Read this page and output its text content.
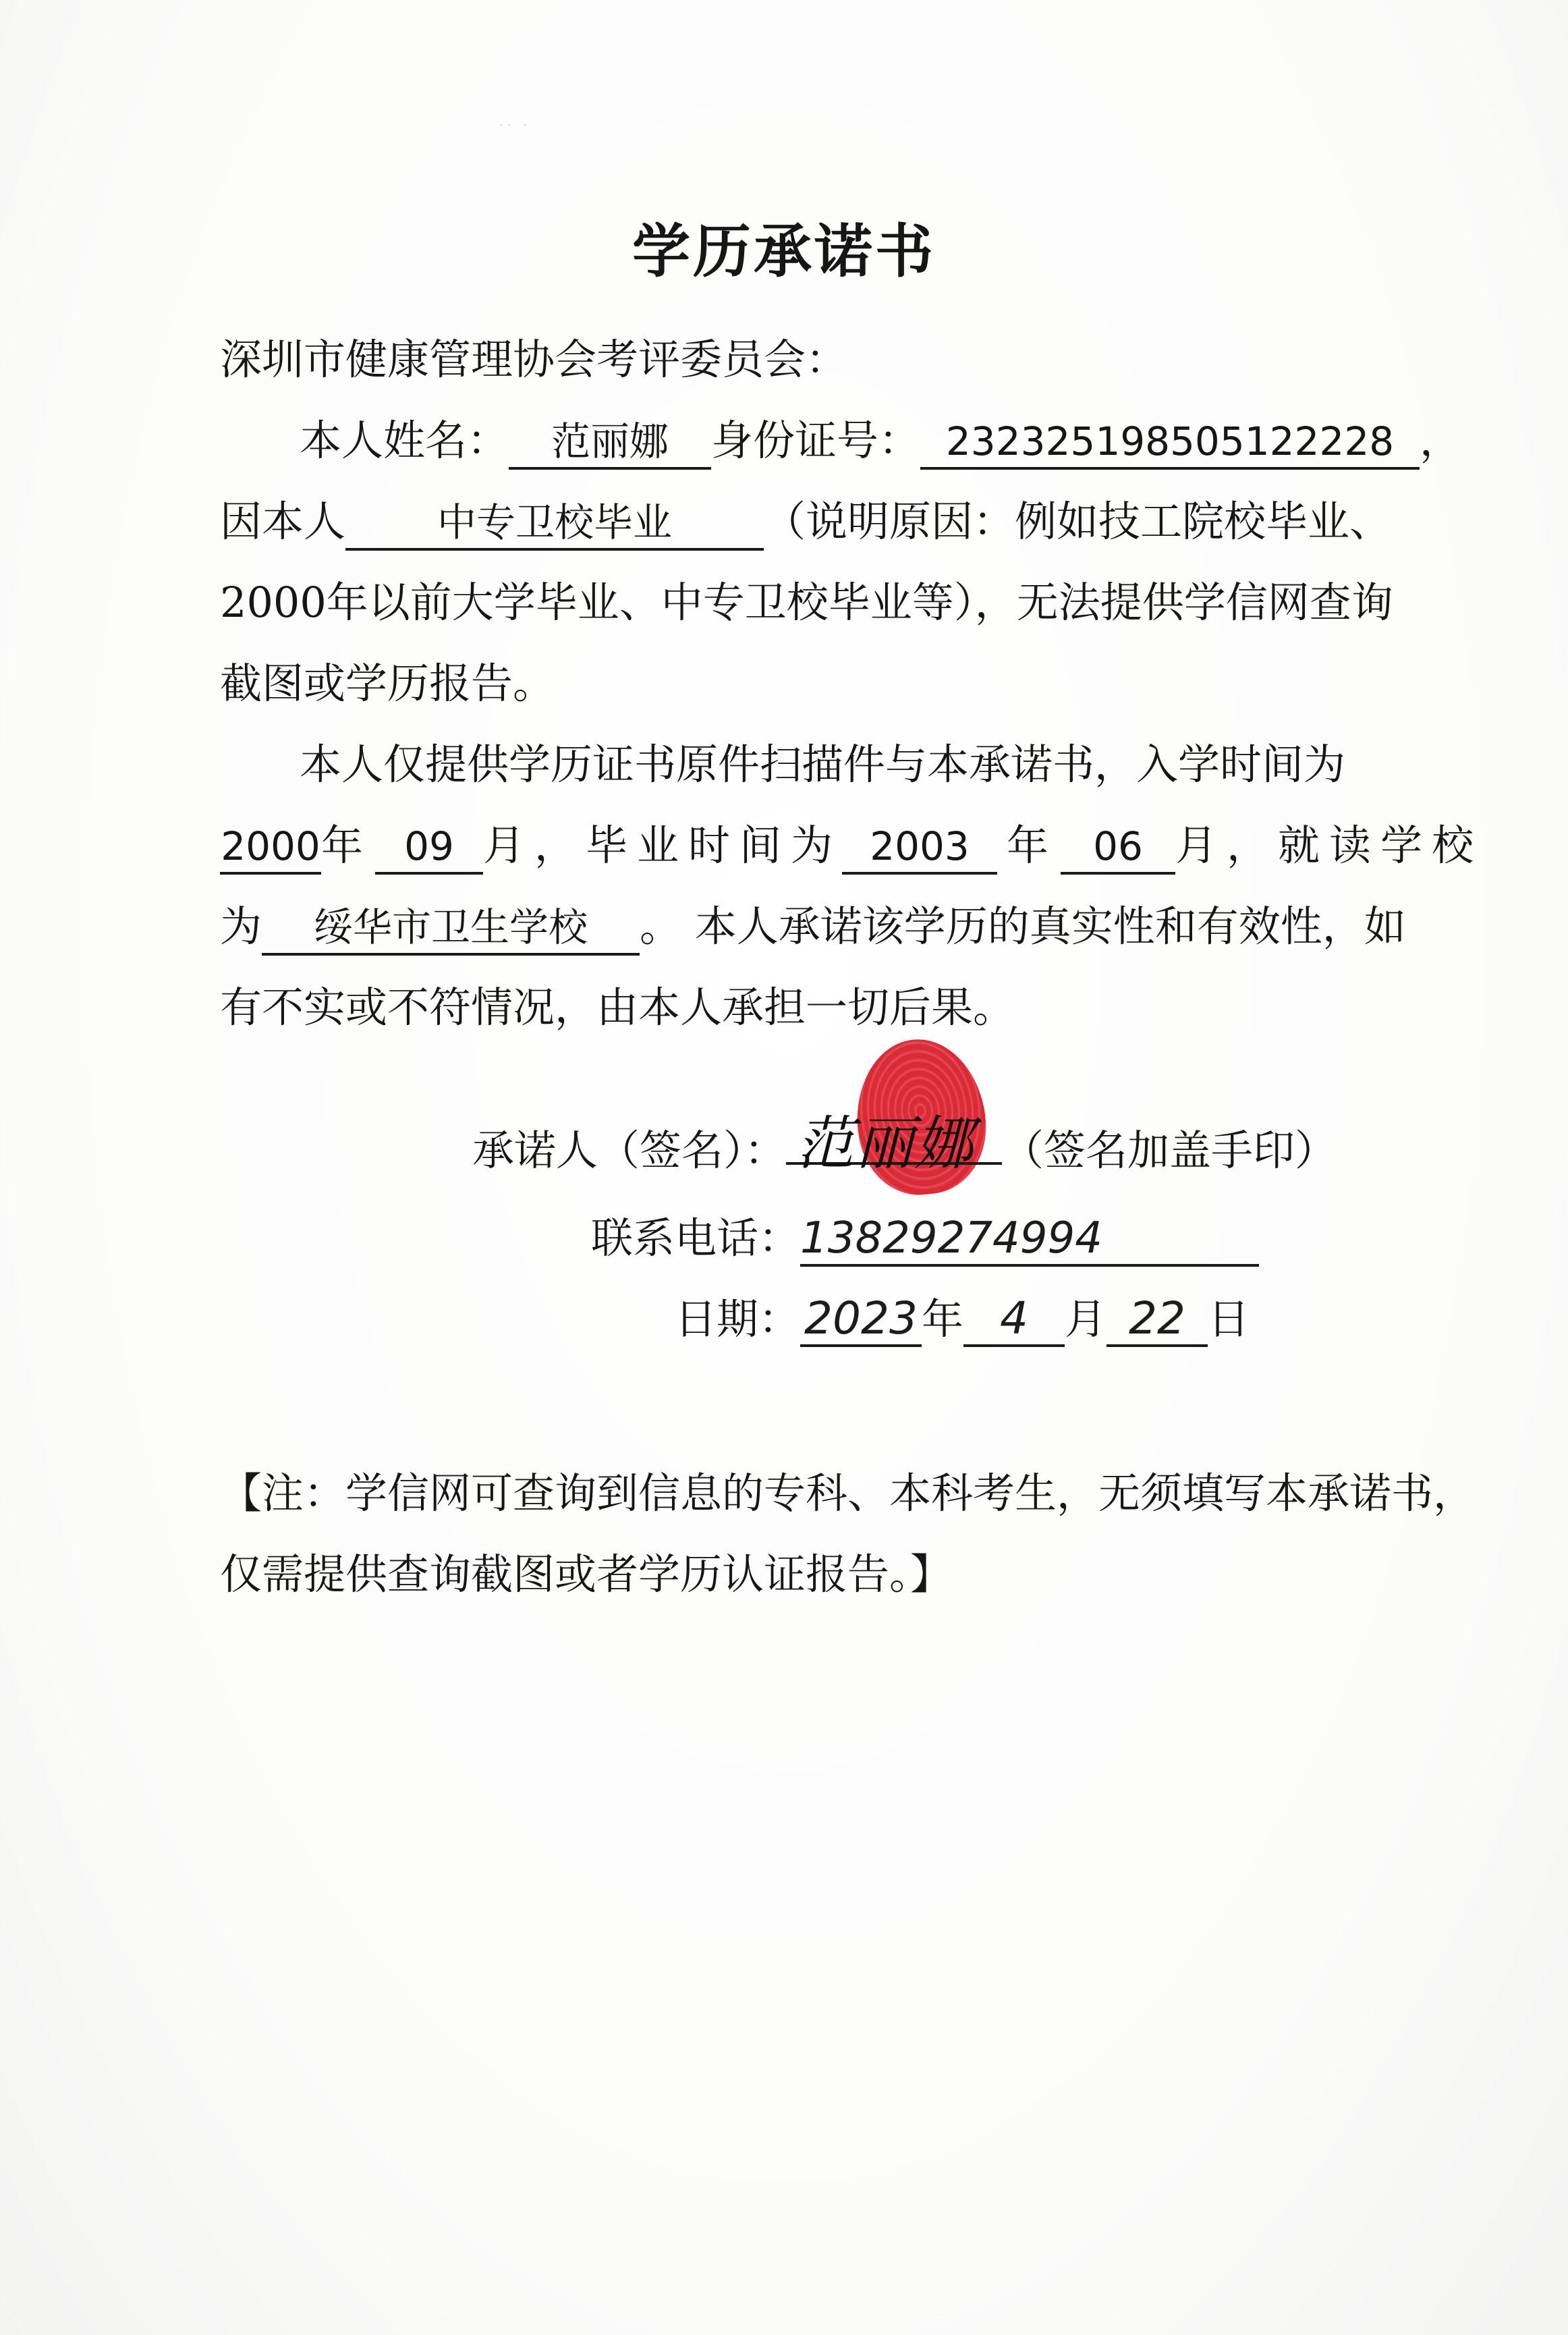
·· ·
学历承诺书
深圳市健康管理协会考评委员会：
本人姓名： 范丽娜 身份证号： 232325198505122228 ，
因本人 中专卫校毕业 （说明原因：例如技工院校毕业、
2000年以前大学毕业、中专卫校毕业等），无法提供学信网查询
截图或学历报告。
本人仅提供学历证书原件扫描件与本承诺书，入学时间为
2000年 09 月，毕业时间为 2003 年 06 月，就读学校
为 绥华市卫生学校 。 本人承诺该学历的真实性和有效性，如
有不实或不符情况，由本人承担一切后果。
范丽娜
承诺人（签名）：	（签名加盖手印）
联系电话：13829274994
日期：2023年 4 月 22 日
【注：学信网可查询到信息的专科、本科考生，无须填写本承诺书，
仅需提供查询截图或者学历认证报告。】
